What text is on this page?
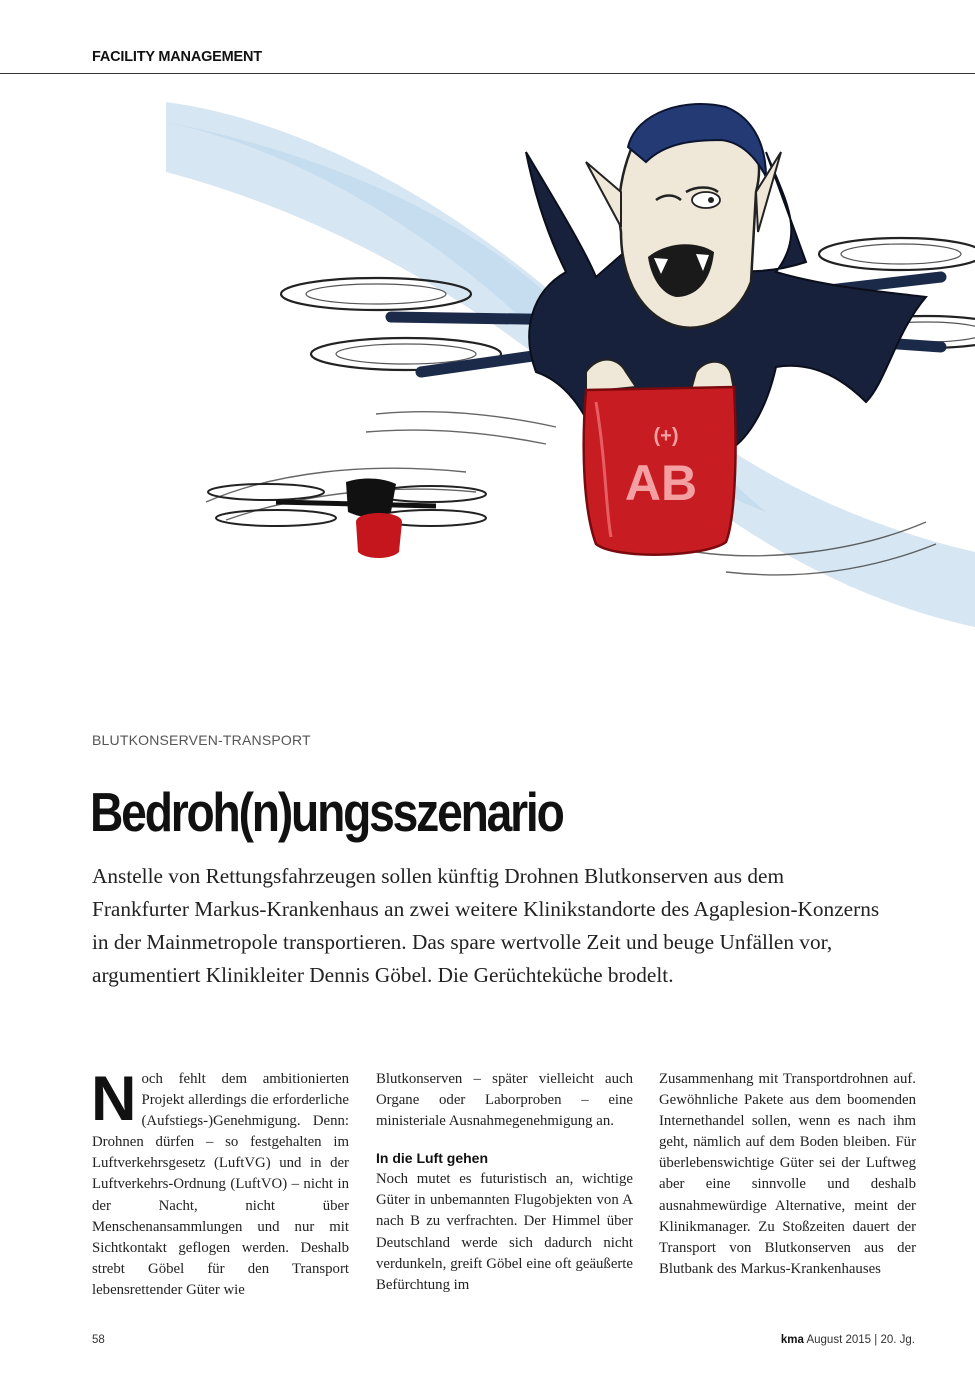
FACILITY MANAGEMENT
(+)
AB
BLUTKONSERVEN-TRANSPORT
Bedroh(n)ungsszenario

Anstelle von Rettungsfahrzeugen sollen künftig Drohnen Blutkonserven aus dem Frankfurter Markus-Krankenhaus an zwei weitere Klinikstandorte des Agaplesion-Konzerns in der Mainmetropole transportieren. Das spare wertvolle Zeit und beuge Unfällen vor, argumentiert Klinikleiter Dennis Göbel. Die Gerüchteküche brodelt.

N och fehlt dem ambitionierten Projekt allerdings die erforderliche (Aufstiegs-)Genehmigung. Denn: Drohnen dürfen – so festgehalten im Luftverkehrsgesetz (LuftVG) und in der Luftverkehrs-Ordnung (LuftVO) – nicht in der Nacht, nicht über Menschenansammlungen und nur mit Sichtkontakt geflogen werden. Deshalb strebt Göbel für den Transport lebensrettender Güter wie

Blutkonserven – später vielleicht auch Organe oder Laborproben – eine ministeriale Ausnahmegenehmigung an.

In die Luft gehen

Noch mutet es futuristisch an, wichtige Güter in unbemannten Flugobjekten von A nach B zu verfrachten. Der Himmel über Deutschland werde sich dadurch nicht verdunkeln, greift Göbel eine oft geäußerte Befürchtung im

Zusammenhang mit Transportdrohnen auf. Gewöhnliche Pakete aus dem boomenden Internethandel sollen, wenn es nach ihm geht, nämlich auf dem Boden bleiben. Für überlebenswichtige Güter sei der Luftweg aber eine sinnvolle und deshalb ausnahmewürdige Alternative, meint der Klinikmanager. Zu Stoßzeiten dauert der Transport von Blutkonserven aus der Blutbank des Markus-Krankenhauses

58	kma August 2015 | 20. Jg.
